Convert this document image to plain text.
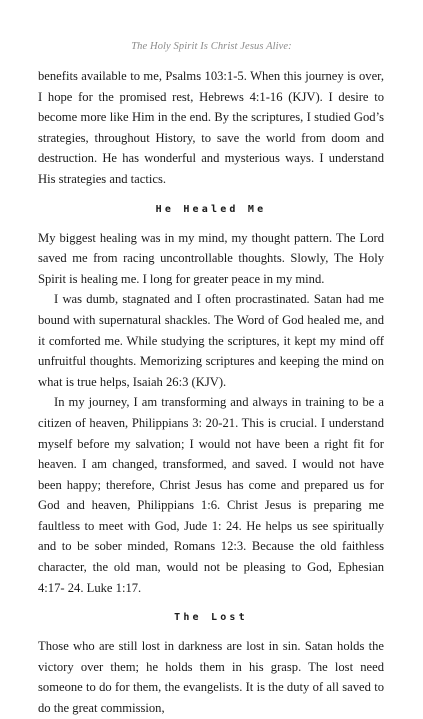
The Holy Spirit Is Christ Jesus Alive:

benefits available to me, Psalms 103:1-5. When this journey is over, I hope for the promised rest, Hebrews 4:1-16 (KJV). I desire to become more like Him in the end. By the scriptures, I studied God’s strategies, throughout History, to save the world from doom and destruction. He has wonderful and mysterious ways. I understand His strategies and tactics.

He Healed Me

My biggest healing was in my mind, my thought pattern. The Lord saved me from racing uncontrollable thoughts. Slowly, The Holy Spirit is healing me. I long for greater peace in my mind.

I was dumb, stagnated and I often procrastinated. Satan had me bound with supernatural shackles. The Word of God healed me, and it comforted me. While studying the scriptures, it kept my mind off unfruitful thoughts. Memorizing scriptures and keeping the mind on what is true helps, Isaiah 26:3 (KJV).

In my journey, I am transforming and always in training to be a citizen of heaven, Philippians 3: 20-21. This is crucial. I understand myself before my salvation; I would not have been a right fit for heaven. I am changed, transformed, and saved. I would not have been happy; therefore, Christ Jesus has come and prepared us for God and heaven, Philippians 1:6. Christ Jesus is preparing me faultless to meet with God, Jude 1: 24. He helps us see spiritually and to be sober minded, Romans 12:3. Because the old faithless character, the old man, would not be pleasing to God, Ephesian 4:17- 24. Luke 1:17.

The Lost

Those who are still lost in darkness are lost in sin. Satan holds the victory over them; he holds them in his grasp. The lost need someone to do for them, the evangelists. It is the duty of all saved to do the great commission,
